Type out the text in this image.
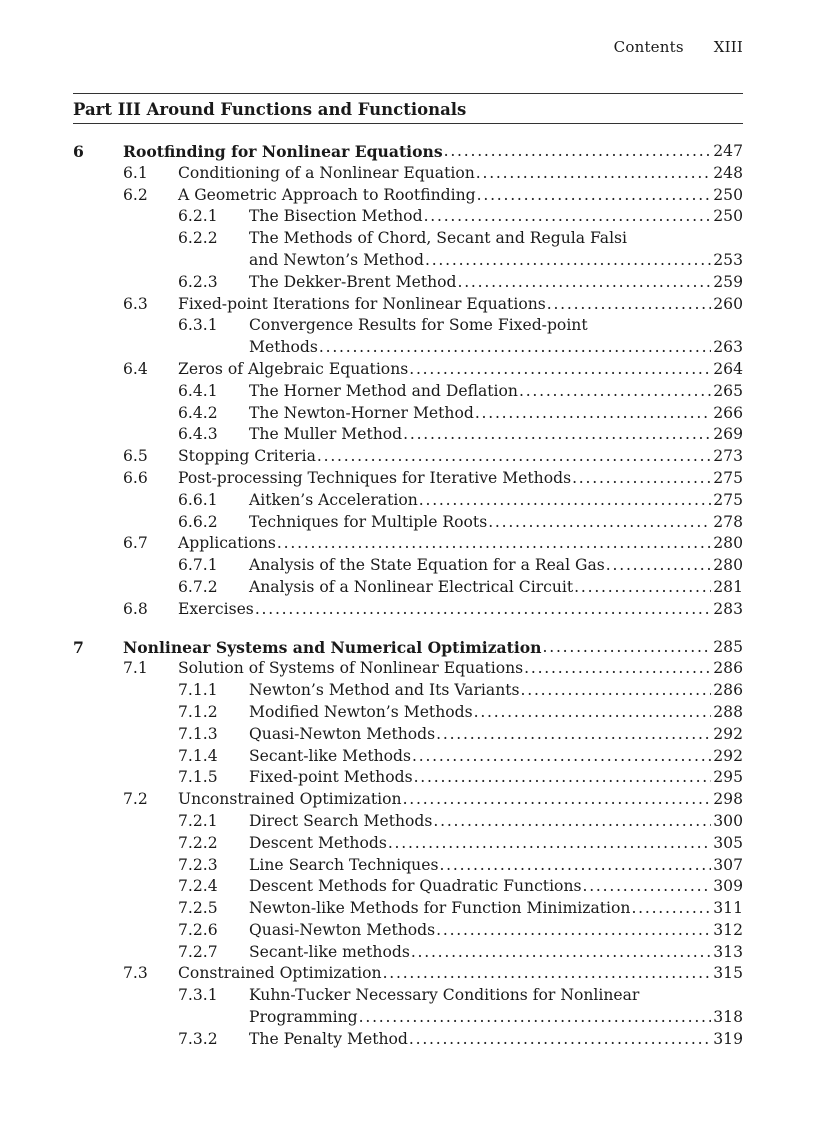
Contents XIII
Part III Around Functions and Functionals
6	Rootfinding for Nonlinear Equations . . .	247
6.1 Conditioning of a Nonlinear Equation . . .	248
6.2 A Geometric Approach to Rootfinding . . .	250
6.2.1 The Bisection Method . . .	250
6.2.2 The Methods of Chord, Secant and Regula Falsi
and Newton’s Method . . .	253
6.2.3 The Dekker-Brent Method . . .	259
6.3 Fixed-point Iterations for Nonlinear Equations . . .	260
6.3.1 Convergence Results for Some Fixed-point
Methods . . .	263
6.4 Zeros of Algebraic Equations . . .	264
6.4.1 The Horner Method and Deflation . . .	265
6.4.2 The Newton-Horner Method . . .	266
6.4.3 The Muller Method . . .	269
6.5 Stopping Criteria . . .	273
6.6 Post-processing Techniques for Iterative Methods . . .	275
6.6.1 Aitken’s Acceleration . . .	275
6.6.2 Techniques for Multiple Roots . . .	278
6.7 Applications . . .	280
6.7.1 Analysis of the State Equation for a Real Gas . . .	280
6.7.2 Analysis of a Nonlinear Electrical Circuit . . .	281
6.8 Exercises . . .	283
7	Nonlinear Systems and Numerical Optimization . . .	285
7.1 Solution of Systems of Nonlinear Equations . . .	286
7.1.1 Newton’s Method and Its Variants . . .	286
7.1.2 Modified Newton’s Methods . . .	288
7.1.3 Quasi-Newton Methods . . .	292
7.1.4 Secant-like Methods . . .	292
7.1.5 Fixed-point Methods . . .	295
7.2 Unconstrained Optimization . . .	298
7.2.1 Direct Search Methods . . .	300
7.2.2 Descent Methods . . .	305
7.2.3 Line Search Techniques . . .	307
7.2.4 Descent Methods for Quadratic Functions . . .	309
7.2.5 Newton-like Methods for Function Minimization . . .	311
7.2.6 Quasi-Newton Methods . . .	312
7.2.7 Secant-like methods . . .	313
7.3 Constrained Optimization . . .	315
7.3.1 Kuhn-Tucker Necessary Conditions for Nonlinear
Programming . . .	318
7.3.2 The Penalty Method . . .	319
